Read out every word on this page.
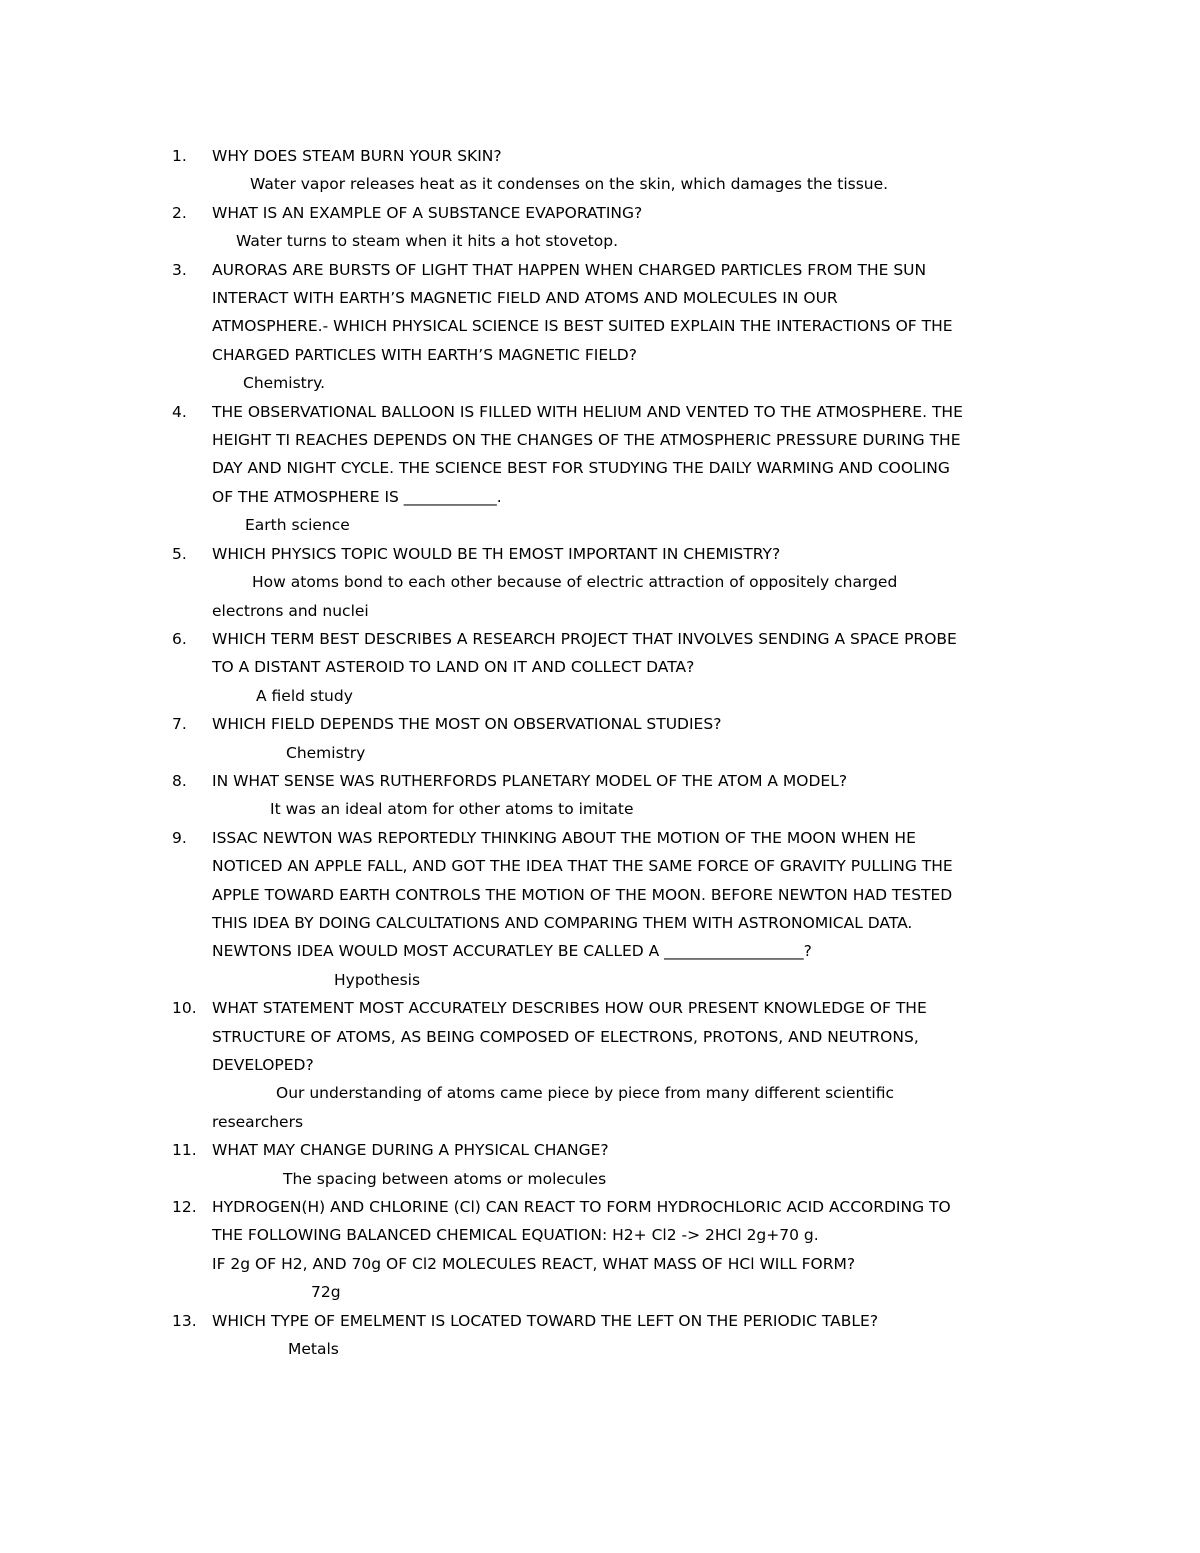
1.	WHY DOES STEAM BURN YOUR SKIN?
Water vapor releases heat as it condenses on the skin, which damages the tissue.
2.	WHAT IS AN EXAMPLE OF A SUBSTANCE EVAPORATING?
Water turns to steam when it hits a hot stovetop.
3.	AURORAS ARE BURSTS OF LIGHT THAT HAPPEN WHEN CHARGED PARTICLES FROM THE SUN
INTERACT WITH EARTH’S MAGNETIC FIELD AND ATOMS AND MOLECULES IN OUR
ATMOSPHERE.- WHICH PHYSICAL SCIENCE IS BEST SUITED EXPLAIN THE INTERACTIONS OF THE
CHARGED PARTICLES WITH EARTH’S MAGNETIC FIELD?
Chemistry.
4.	THE OBSERVATIONAL BALLOON IS FILLED WITH HELIUM AND VENTED TO THE ATMOSPHERE. THE
HEIGHT TI REACHES DEPENDS ON THE CHANGES OF THE ATMOSPHERIC PRESSURE DURING THE
DAY AND NIGHT CYCLE. THE SCIENCE BEST FOR STUDYING THE DAILY WARMING AND COOLING
OF THE ATMOSPHERE IS ____________.
Earth science
5.	WHICH PHYSICS TOPIC WOULD BE TH EMOST IMPORTANT IN CHEMISTRY?
How atoms bond to each other because of electric attraction of oppositely charged
electrons and nuclei
6.	WHICH TERM BEST DESCRIBES A RESEARCH PROJECT THAT INVOLVES SENDING A SPACE PROBE
TO A DISTANT ASTEROID TO LAND ON IT AND COLLECT DATA?
A field study
7.	WHICH FIELD DEPENDS THE MOST ON OBSERVATIONAL STUDIES?
Chemistry
8.	IN WHAT SENSE WAS RUTHERFORDS PLANETARY MODEL OF THE ATOM A MODEL?
It was an ideal atom for other atoms to imitate
9.	ISSAC NEWTON WAS REPORTEDLY THINKING ABOUT THE MOTION OF THE MOON WHEN HE
NOTICED AN APPLE FALL, AND GOT THE IDEA THAT THE SAME FORCE OF GRAVITY PULLING THE
APPLE TOWARD EARTH CONTROLS THE MOTION OF THE MOON. BEFORE NEWTON HAD TESTED
THIS IDEA BY DOING CALCULTATIONS AND COMPARING THEM WITH ASTRONOMICAL DATA.
NEWTONS IDEA WOULD MOST ACCURATLEY BE CALLED A __________________?
Hypothesis
10. WHAT STATEMENT MOST ACCURATELY DESCRIBES HOW OUR PRESENT KNOWLEDGE OF THE
STRUCTURE OF ATOMS, AS BEING COMPOSED OF ELECTRONS, PROTONS, AND NEUTRONS,
DEVELOPED?
Our understanding of atoms came piece by piece from many different scientific
researchers
11. WHAT MAY CHANGE DURING A PHYSICAL CHANGE?
The spacing between atoms or molecules
12. HYDROGEN(H) AND CHLORINE (Cl) CAN REACT TO FORM HYDROCHLORIC ACID ACCORDING TO
THE FOLLOWING BALANCED CHEMICAL EQUATION: H2+ Cl2 -> 2HCl 2g+70 g.
IF 2g OF H2, AND 70g OF Cl2 MOLECULES REACT, WHAT MASS OF HCl WILL FORM?
72g
13. WHICH TYPE OF EMELMENT IS LOCATED TOWARD THE LEFT ON THE PERIODIC TABLE?
Metals
